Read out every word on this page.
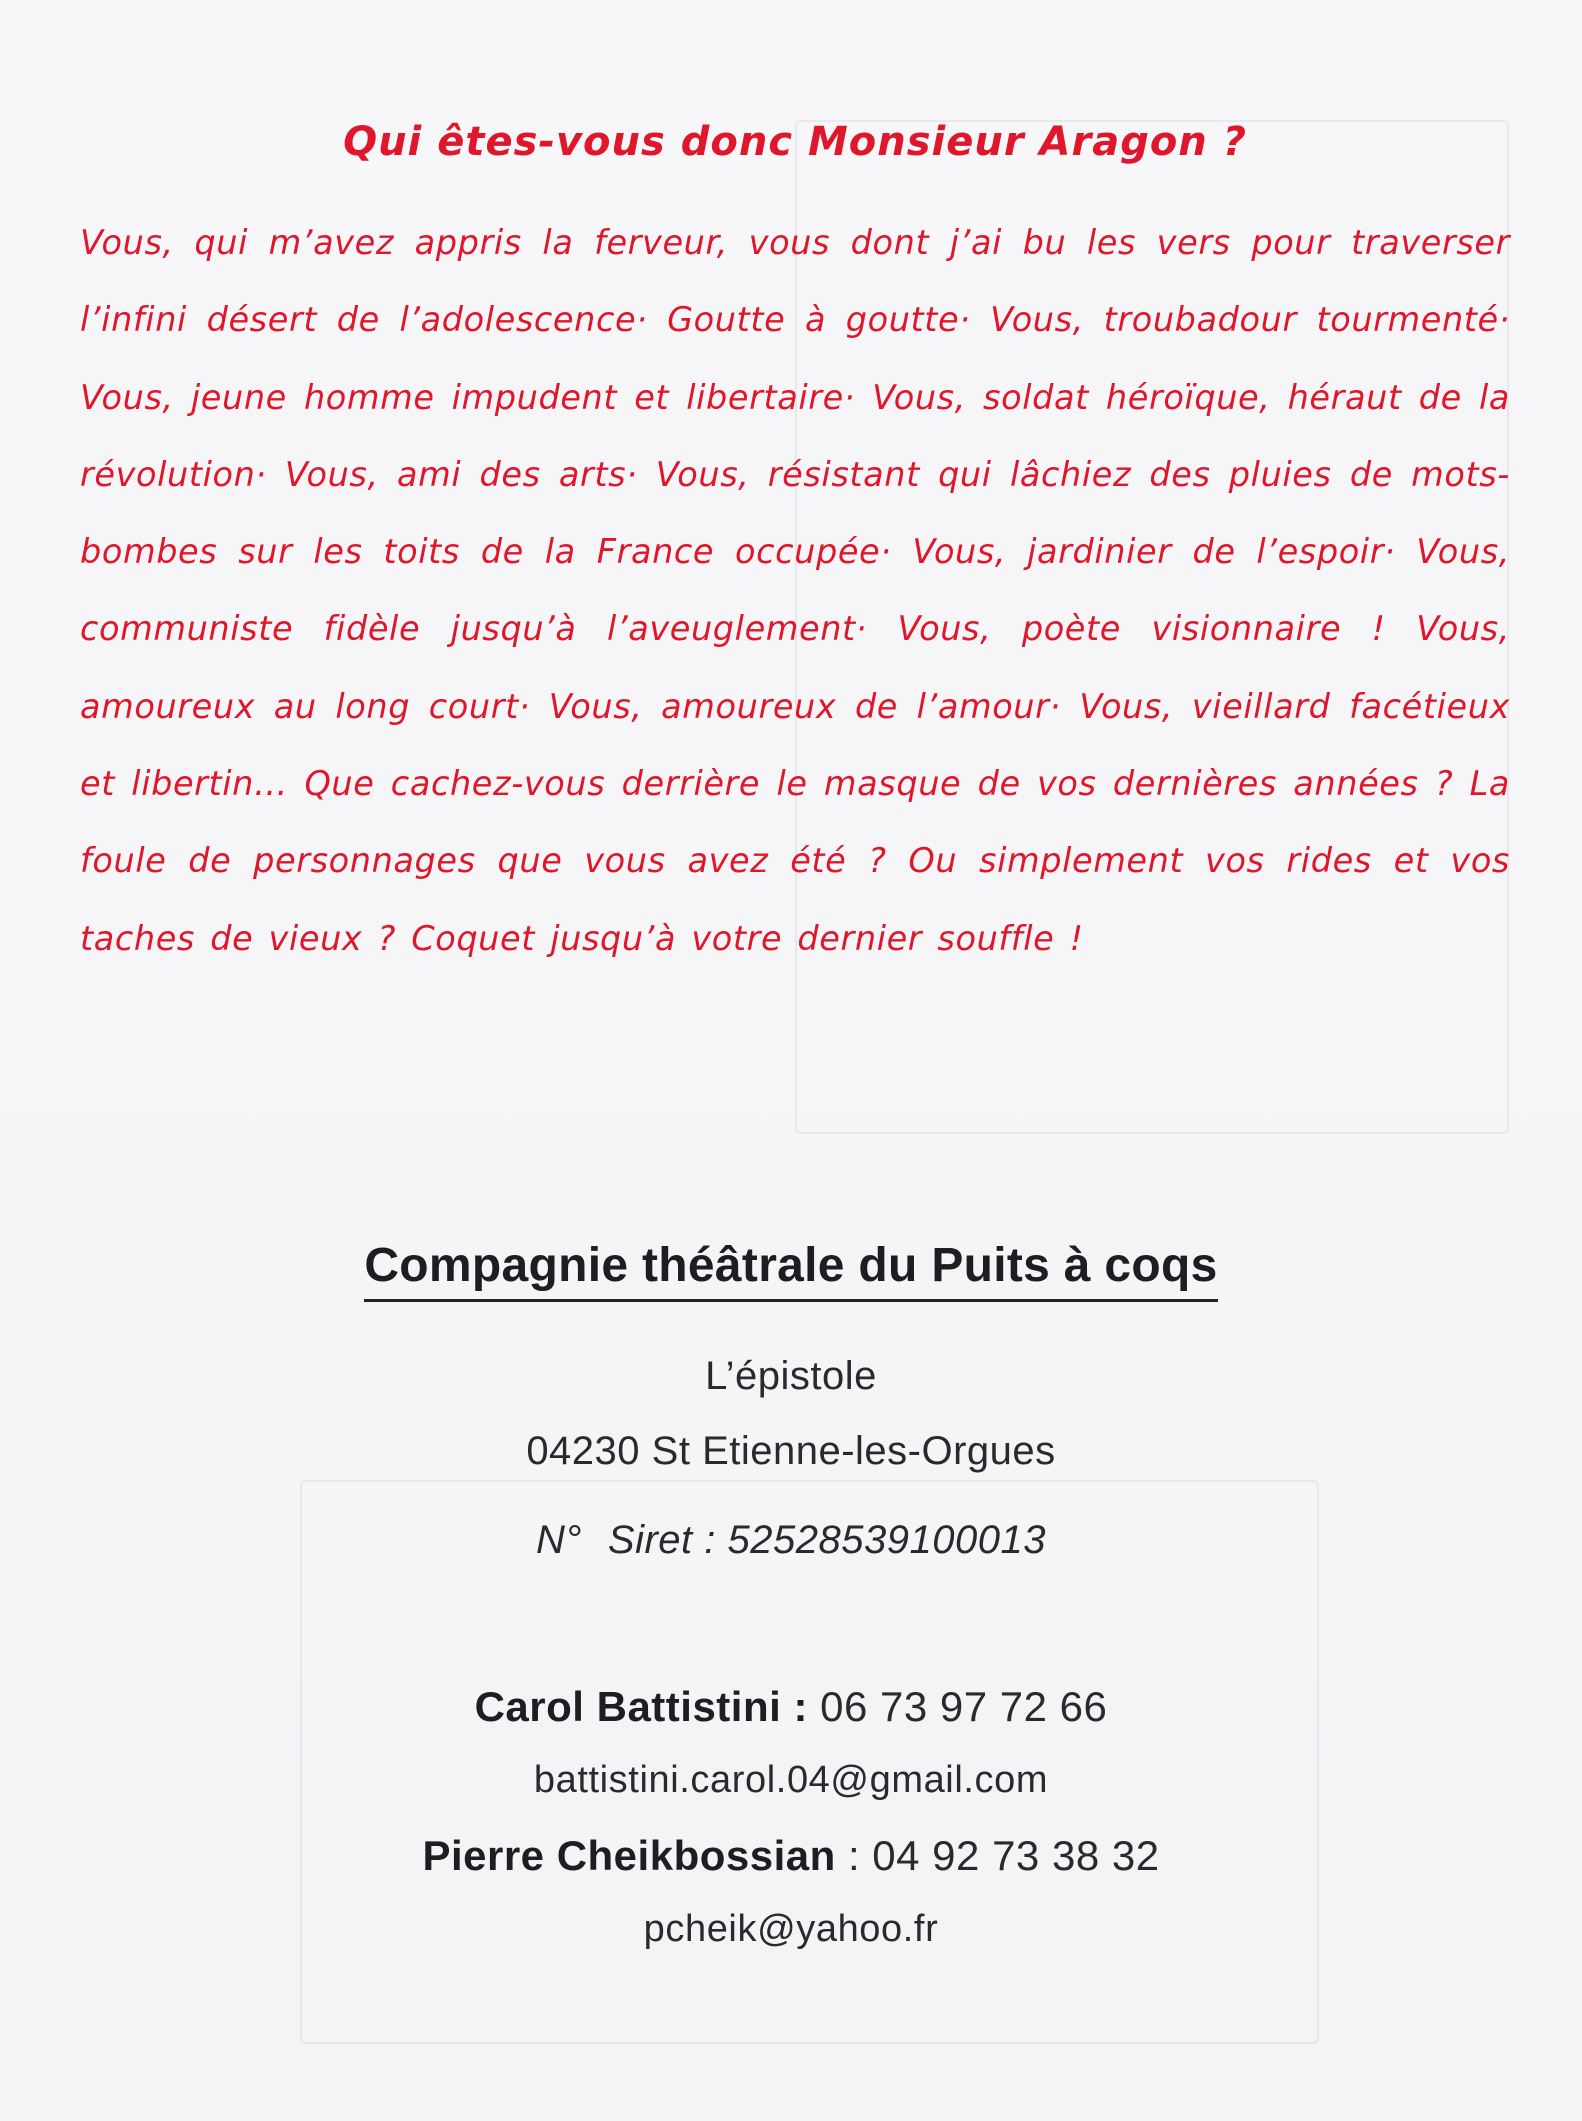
Qui êtes-vous donc Monsieur Aragon ?

Vous, qui m’avez appris la ferveur, vous dont j’ai bu les vers pour traverser l’infini désert de l’adolescence· Goutte à goutte· Vous, troubadour tourmenté· Vous, jeune homme impudent et libertaire· Vous, soldat héroïque, héraut de la révolution· Vous, ami des arts· Vous, résistant qui lâchiez des pluies de mots-bombes sur les toits de la France occupée· Vous, jardinier de l’espoir· Vous, communiste fidèle jusqu’à l’aveuglement· Vous, poète visionnaire ! Vous, amoureux au long court· Vous, amoureux de l’amour· Vous, vieillard facétieux et libertin… Que cachez-vous derrière le masque de vos dernières années ? La foule de personnages que vous avez été ? Ou simplement vos rides et vos taches de vieux ? Coquet jusqu’à votre dernier souffle !

Compagnie théâtrale du Puits à coqs
L’épistole
04230 St Etienne-les-Orgues
N° Siret : 52528539100013
Carol Battistini : 06 73 97 72 66
battistini.carol.04@gmail.com
Pierre Cheikbossian : 04 92 73 38 32
pcheik@yahoo.fr
